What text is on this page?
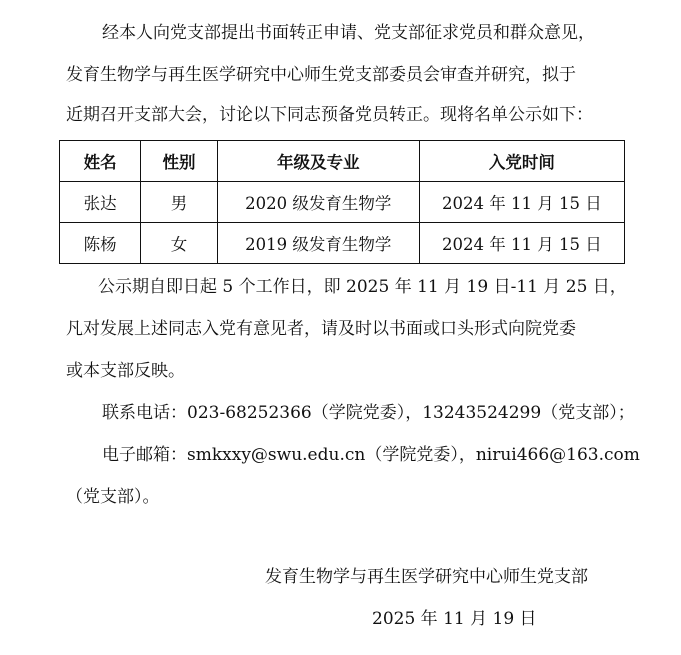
经本人向党支部提出书面转正申请、党支部征求党员和群众意见，
发育生物学与再生医学研究中心师生党支部委员会审查并研究，拟于
近期召开支部大会，讨论以下同志预备党员转正。现将名单公示如下：
姓名	性别	年级及专业	入党时间
张达	男	2020 级发育生物学	2024 年 11 月 15 日
陈杨	女	2019 级发育生物学	2024 年 11 月 15 日
公示期自即日起 5 个工作日，即 2025 年 11 月 19 日-11 月 25 日，
凡对发展上述同志入党有意见者，请及时以书面或口头形式向院党委
或本支部反映。
联系电话：023-68252366（学院党委），13243524299（党支部）；
电子邮箱：smkxxy@swu.edu.cn（学院党委），nirui466@163.com
（党支部）。
发育生物学与再生医学研究中心师生党支部
2025 年 11 月 19 日
